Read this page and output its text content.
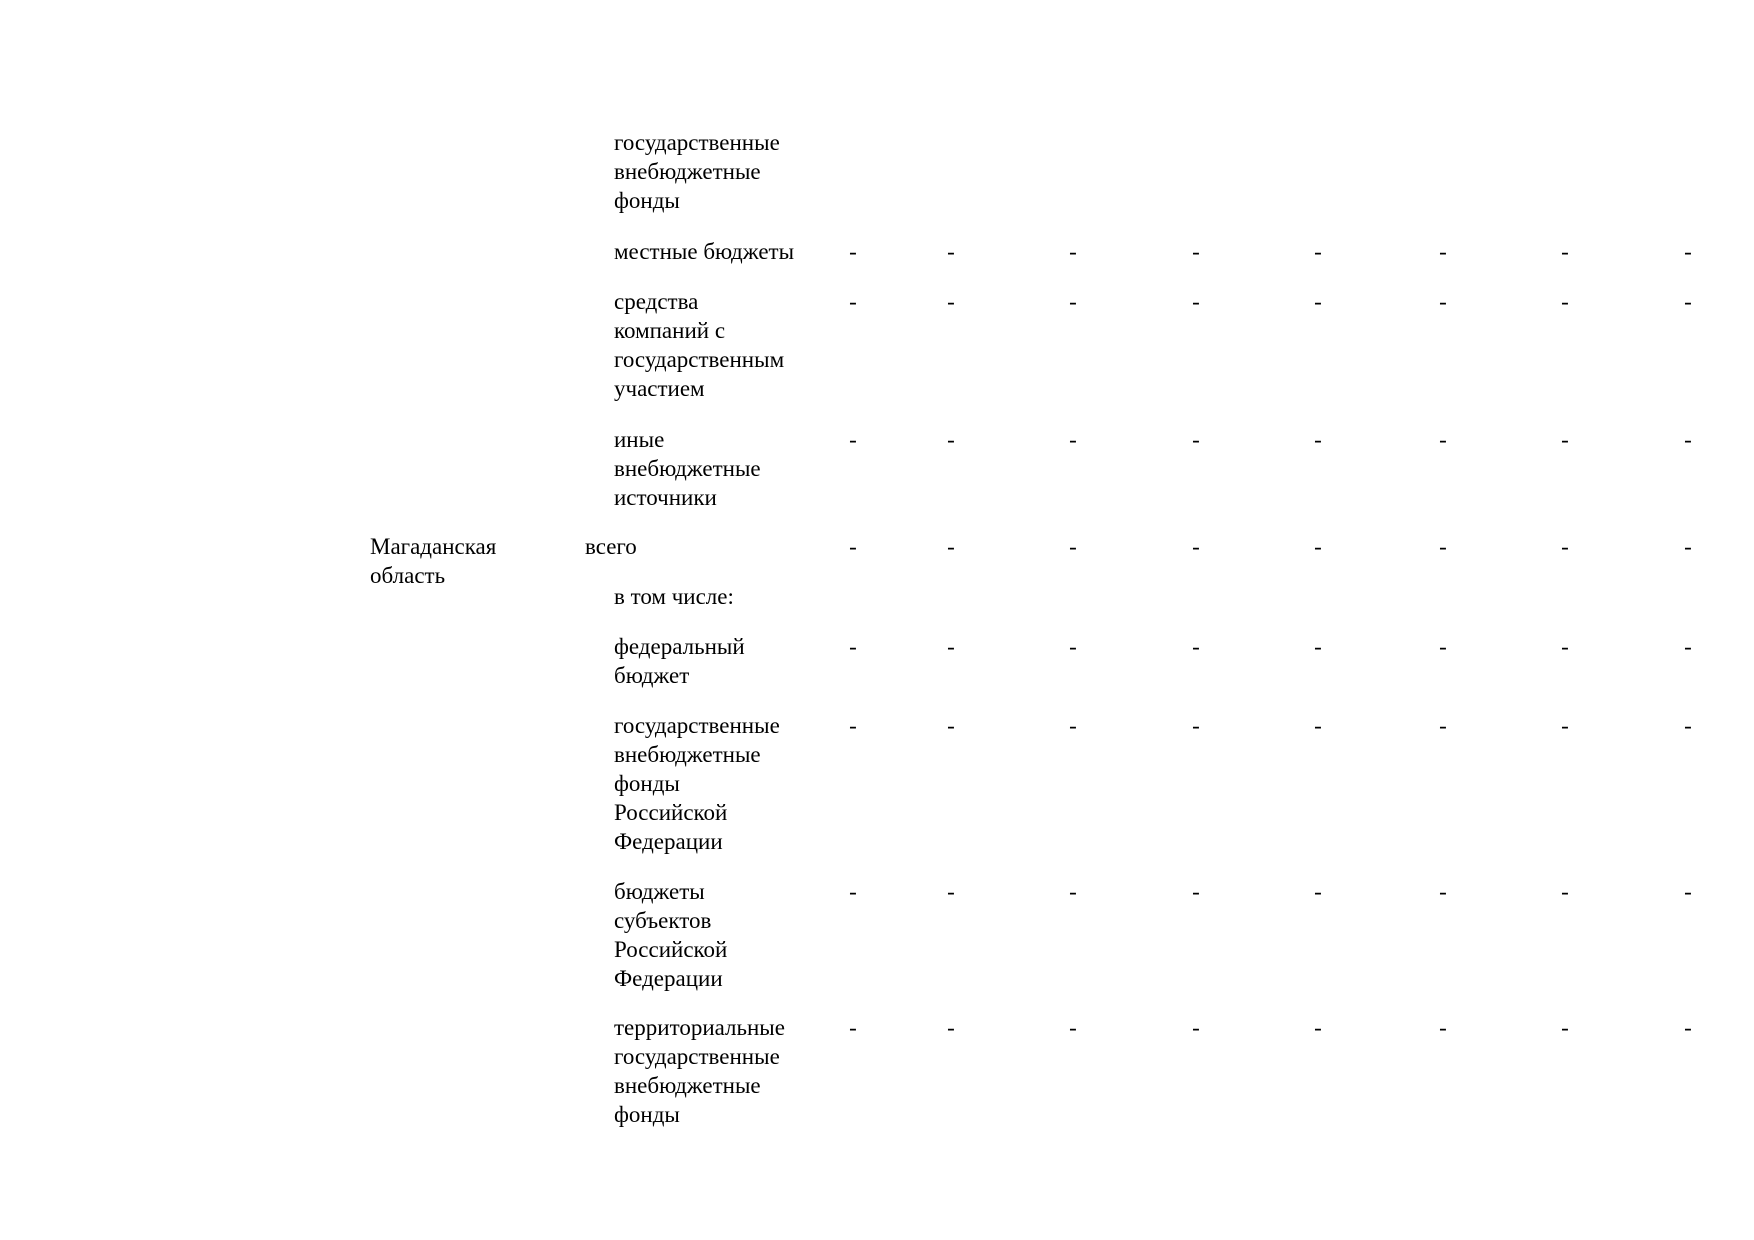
государственные
внебюджетные
фонды
местные бюджеты -	-	-	-	-	-	-	-
средства
компаний с
государственным
участием
-	-	-	-	-	-	-	-
иные
внебюджетные
источники
-	-	-	-	-	-	-	-
Магаданская
область
всего	-	-	-	-	-	-	-	-
в том числе:
федеральный
бюджет
-	-	-	-	-	-	-	-
государственные
внебюджетные
фонды
Российской
Федерации
-	-	-	-	-	-	-	-
бюджеты
субъектов
Российской
Федерации
-	-	-	-	-	-	-	-
территориальные
государственные
внебюджетные
фонды
-	-	-	-	-	-	-	-
